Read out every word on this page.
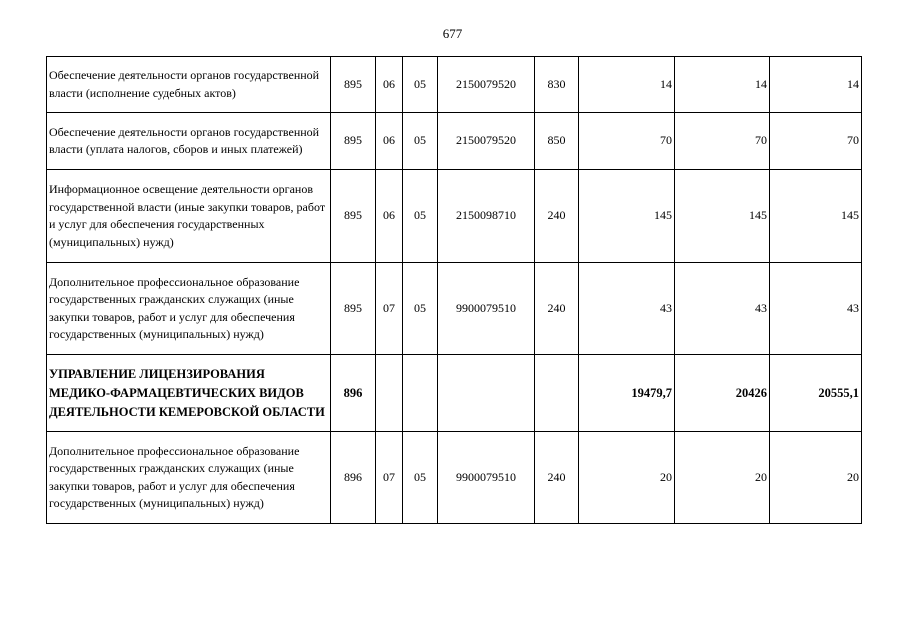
677
Обеспечение деятельности органов государственной власти (исполнение судебных актов)	895	06	05	2150079520	830	14	14	14
Обеспечение деятельности органов государственной власти (уплата налогов, сборов и иных платежей)	895	06	05	2150079520	850	70	70	70
Информационное освещение деятельности органов государственной власти (иные закупки товаров, работ и услуг для обеспечения государственных (муниципальных) нужд)	895	06	05	2150098710	240	145	145	145
Дополнительное профессиональное образование государственных гражданских служащих (иные закупки товаров, работ и услуг для обеспечения государственных (муниципальных) нужд)	895	07	05	9900079510	240	43	43	43
УПРАВЛЕНИЕ ЛИЦЕНЗИРОВАНИЯ МЕДИКО-ФАРМАЦЕВТИЧЕСКИХ ВИДОВ ДЕЯТЕЛЬНОСТИ КЕМЕРОВСКОЙ ОБЛАСТИ	896					19479,7	20426	20555,1
Дополнительное профессиональное образование государственных гражданских служащих (иные закупки товаров, работ и услуг для обеспечения государственных (муниципальных) нужд)	896	07	05	9900079510	240	20	20	20
